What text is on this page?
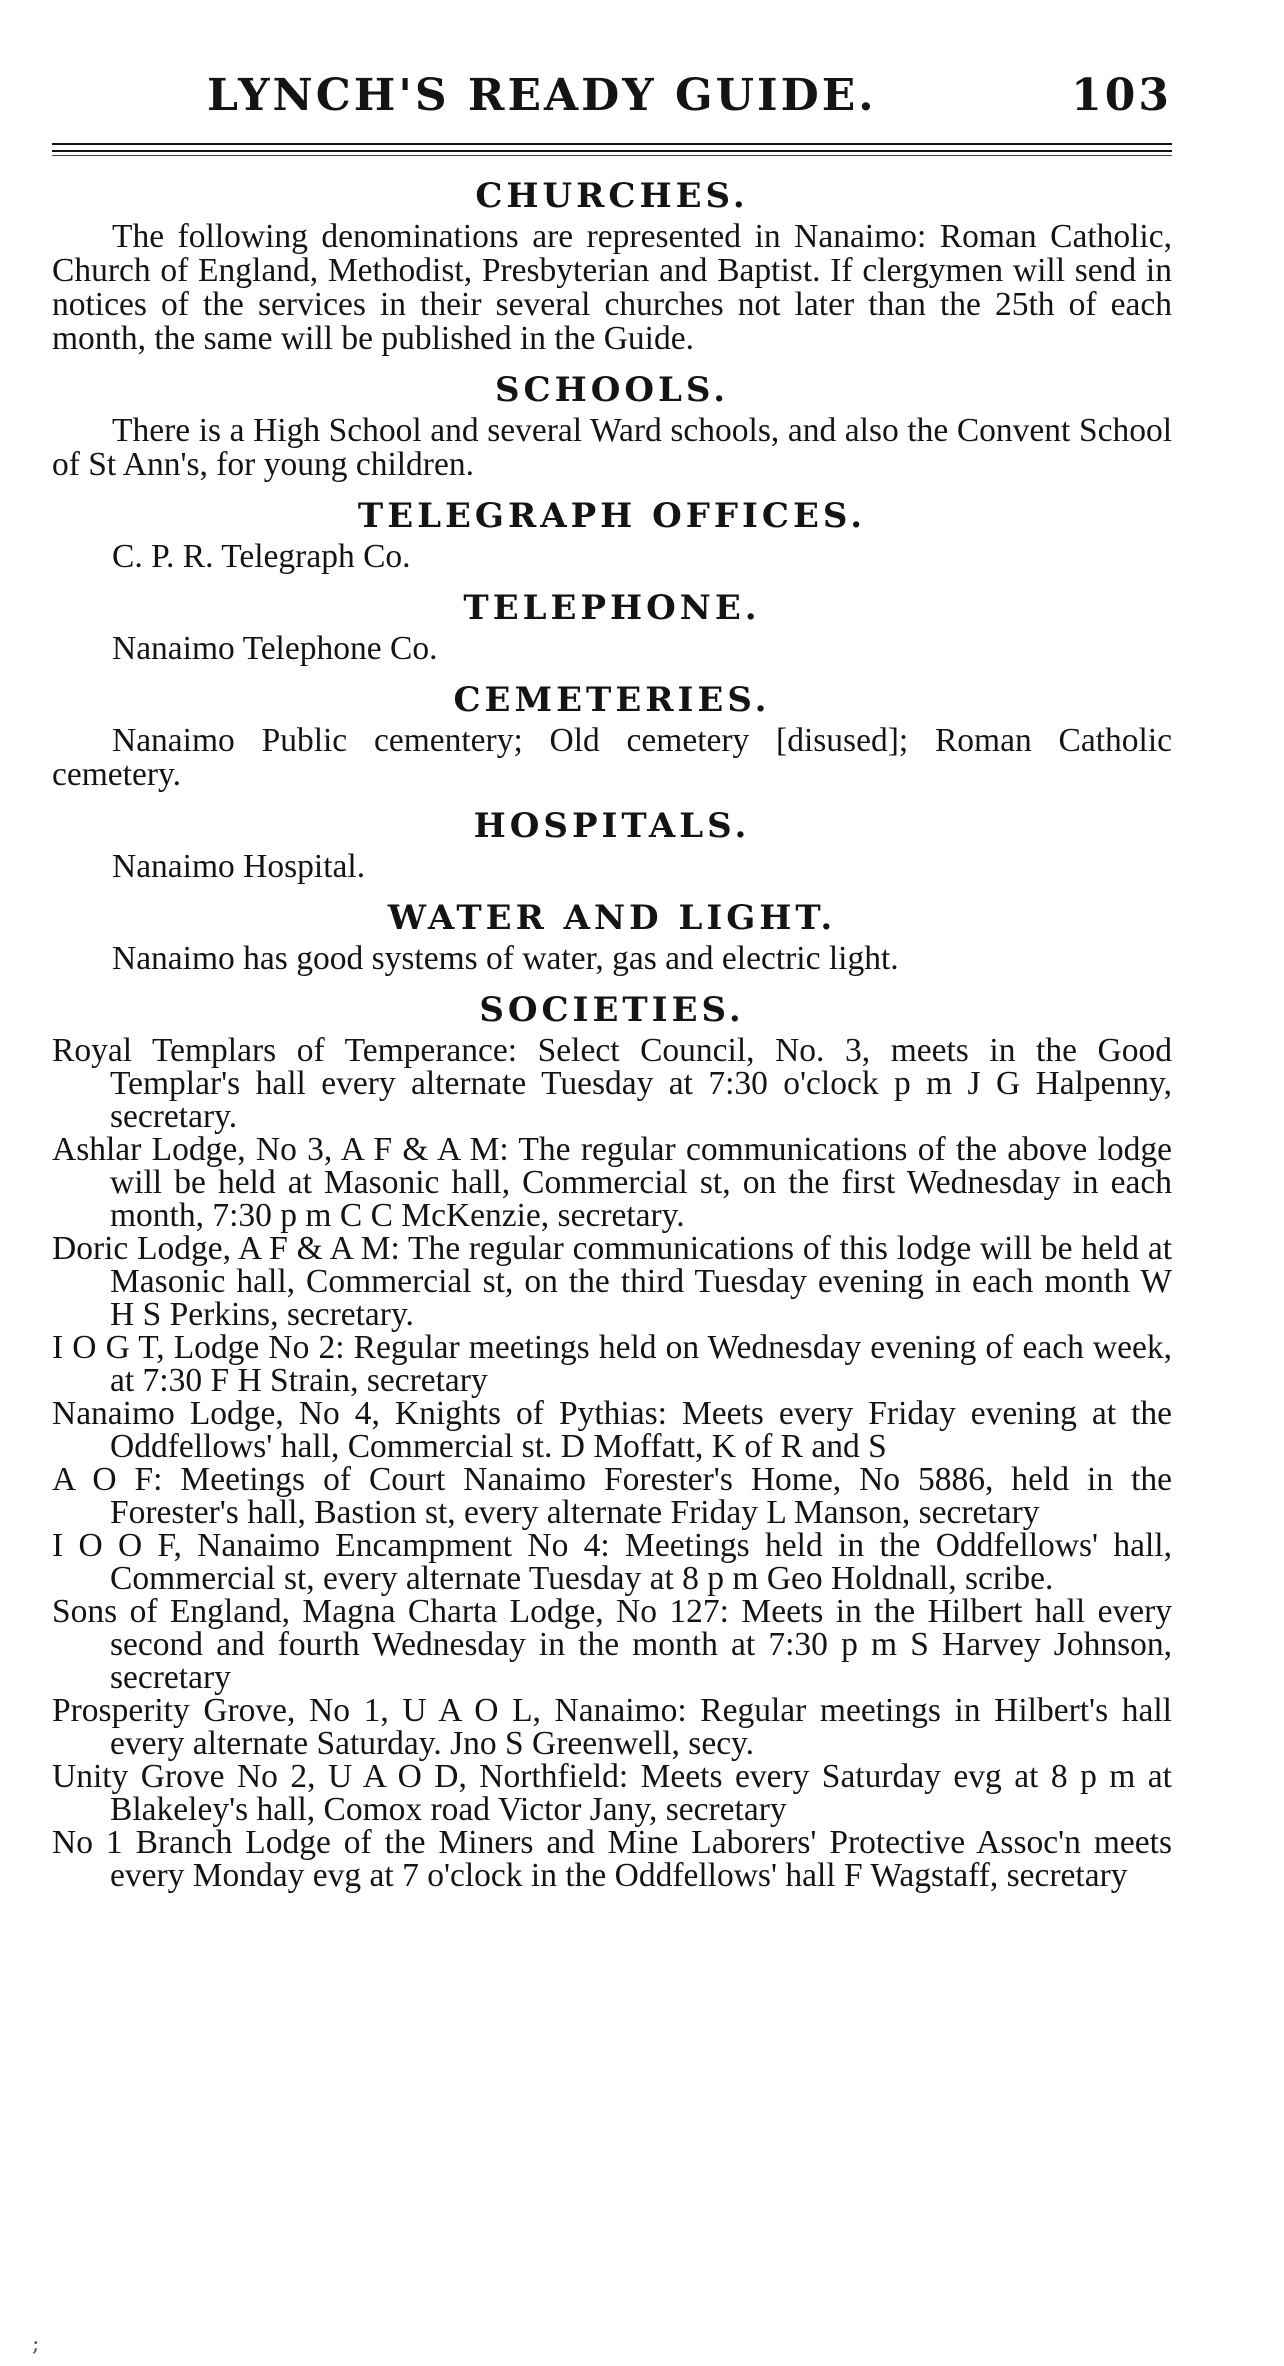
LYNCH'S READY GUIDE.	103
CHURCHES.

The following denominations are represented in Nanaimo: Roman Catholic, Church of England, Methodist, Presbyterian and Baptist. If clergymen will send in notices of the services in their several churches not later than the 25th of each month, the same will be published in the Guide.

SCHOOLS.

There is a High School and several Ward schools, and also the Convent School of St Ann's, for young children.

TELEGRAPH OFFICES.

C. P. R. Telegraph Co.

TELEPHONE.

Nanaimo Telephone Co.

CEMETERIES.

Nanaimo Public cementery; Old cemetery [disused]; Roman Catholic cemetery.

HOSPITALS.

Nanaimo Hospital.

WATER AND LIGHT.

Nanaimo has good systems of water, gas and electric light.

SOCIETIES.

Royal Templars of Temperance: Select Council, No. 3, meets in the Good Templar's hall every alternate Tuesday at 7:30 o'clock p m J G Halpenny, secretary.

Ashlar Lodge, No 3, A F & A M: The regular communications of the above lodge will be held at Masonic hall, Commercial st, on the first Wednesday in each month, 7:30 p m C C McKenzie, secretary.

Doric Lodge, A F & A M: The regular communications of this lodge will be held at Masonic hall, Commercial st, on the third Tuesday evening in each month W H S Perkins, secretary.

I O G T, Lodge No 2: Regular meetings held on Wednesday evening of each week, at 7:30 F H Strain, secretary

Nanaimo Lodge, No 4, Knights of Pythias: Meets every Friday evening at the Oddfellows' hall, Commercial st. D Moffatt, K of R and S

A O F: Meetings of Court Nanaimo Forester's Home, No 5886, held in the Forester's hall, Bastion st, every alternate Friday L Manson, secretary

I O O F, Nanaimo Encampment No 4: Meetings held in the Oddfellows' hall, Commercial st, every alternate Tuesday at 8 p m Geo Holdnall, scribe.

Sons of England, Magna Charta Lodge, No 127: Meets in the Hilbert hall every second and fourth Wednesday in the month at 7:30 p m S Harvey Johnson, secretary

Prosperity Grove, No 1, U A O L, Nanaimo: Regular meetings in Hilbert's hall every alternate Saturday. Jno S Greenwell, secy.

Unity Grove No 2, U A O D, Northfield: Meets every Saturday evg at 8 p m at Blakeley's hall, Comox road Victor Jany, secretary

No 1 Branch Lodge of the Miners and Mine Laborers' Protective Assoc'n meets every Monday evg at 7 o'clock in the Oddfellows' hall F Wagstaff, secretary

;
